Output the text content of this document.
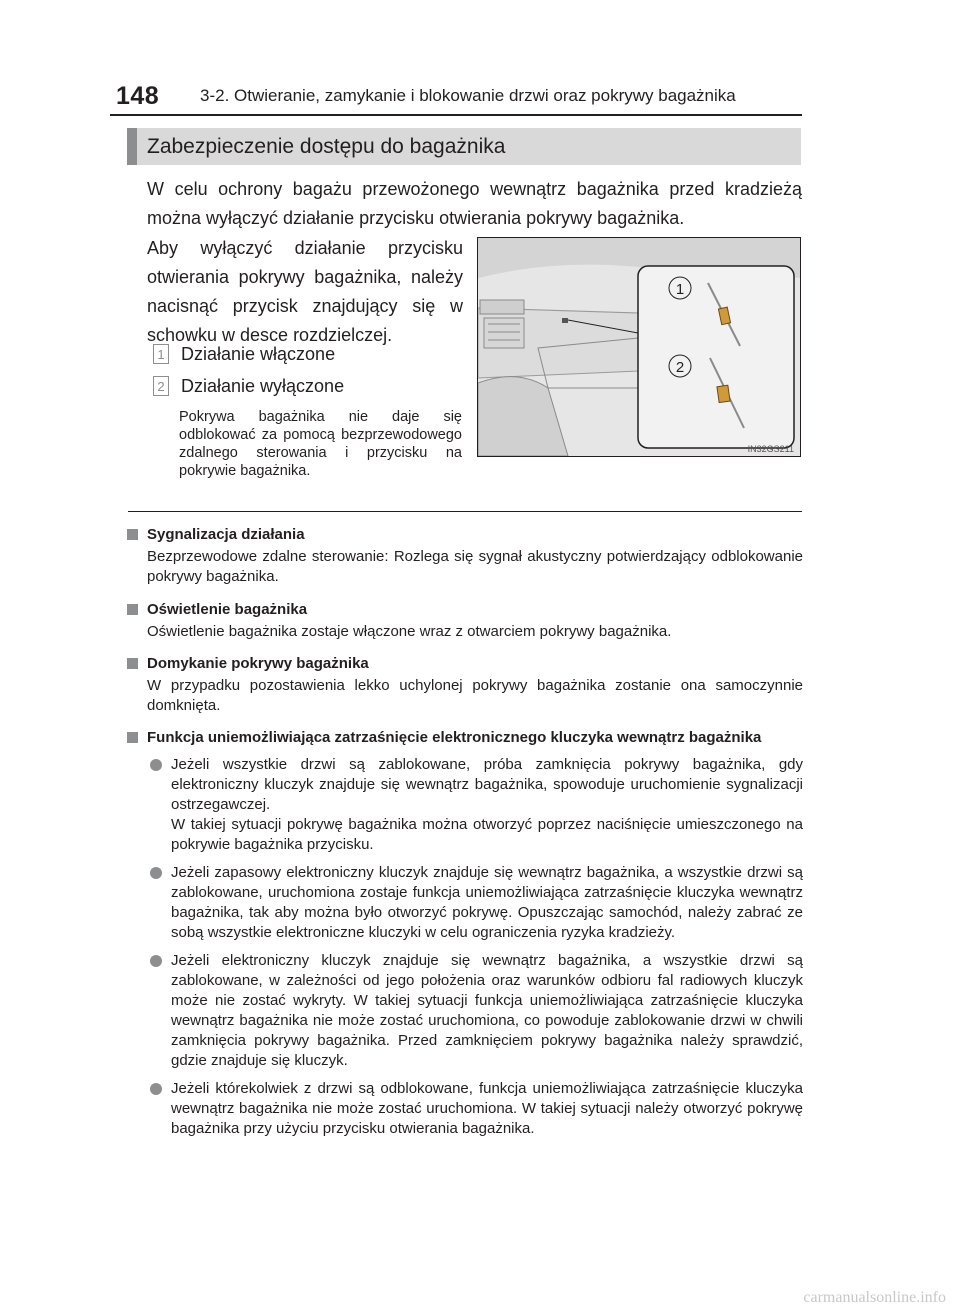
148 3-2. Otwieranie, zamykanie i blokowanie drzwi oraz pokrywy bagażnika
Zabezpieczenie dostępu do bagażnika
W celu ochrony bagażu przewożonego wewnątrz bagażnika przed kradzieżą można wyłączyć działanie przycisku otwierania pokrywy bagażnika.
Aby wyłączyć działanie przycisku otwierania pokrywy bagażnika, należy nacisnąć przycisk znajdujący się w schowku w desce rozdzielczej.
1 Działanie włączone
2 Działanie wyłączone
Pokrywa bagażnika nie daje się odblokować za pomocą bezprzewodowego zdalnego sterowania i przycisku na pokrywie bagażnika.
1
2
IN32GS211
Sygnalizacja działania
Bezprzewodowe zdalne sterowanie: Rozlega się sygnał akustyczny potwierdzający odblokowanie pokrywy bagażnika.
Oświetlenie bagażnika
Oświetlenie bagażnika zostaje włączone wraz z otwarciem pokrywy bagażnika.
Domykanie pokrywy bagażnika
W przypadku pozostawienia lekko uchylonej pokrywy bagażnika zostanie ona samoczynnie domknięta.
Funkcja uniemożliwiająca zatrzaśnięcie elektronicznego kluczyka wewnątrz bagażnika
Jeżeli wszystkie drzwi są zablokowane, próba zamknięcia pokrywy bagażnika, gdy elektroniczny kluczyk znajduje się wewnątrz bagażnika, spowoduje uruchomienie sygnalizacji ostrzegawczej.
W takiej sytuacji pokrywę bagażnika można otworzyć poprzez naciśnięcie umieszczonego na pokrywie bagażnika przycisku.
Jeżeli zapasowy elektroniczny kluczyk znajduje się wewnątrz bagażnika, a wszystkie drzwi są zablokowane, uruchomiona zostaje funkcja uniemożliwiająca zatrzaśnięcie kluczyka wewnątrz bagażnika, tak aby można było otworzyć pokrywę. Opuszczając samochód, należy zabrać ze sobą wszystkie elektroniczne kluczyki w celu ograniczenia ryzyka kradzieży.
Jeżeli elektroniczny kluczyk znajduje się wewnątrz bagażnika, a wszystkie drzwi są zablokowane, w zależności od jego położenia oraz warunków odbioru fal radiowych kluczyk może nie zostać wykryty. W takiej sytuacji funkcja uniemożliwiająca zatrzaśnięcie kluczyka wewnątrz bagażnika nie może zostać uruchomiona, co powoduje zablokowanie drzwi w chwili zamknięcia pokrywy bagażnika. Przed zamknięciem pokrywy bagażnika należy sprawdzić, gdzie znajduje się kluczyk.
Jeżeli którekolwiek z drzwi są odblokowane, funkcja uniemożliwiająca zatrzaśnięcie kluczyka wewnątrz bagażnika nie może zostać uruchomiona. W takiej sytuacji należy otworzyć pokrywę bagażnika przy użyciu przycisku otwierania bagażnika.
carmanualsonline.info
